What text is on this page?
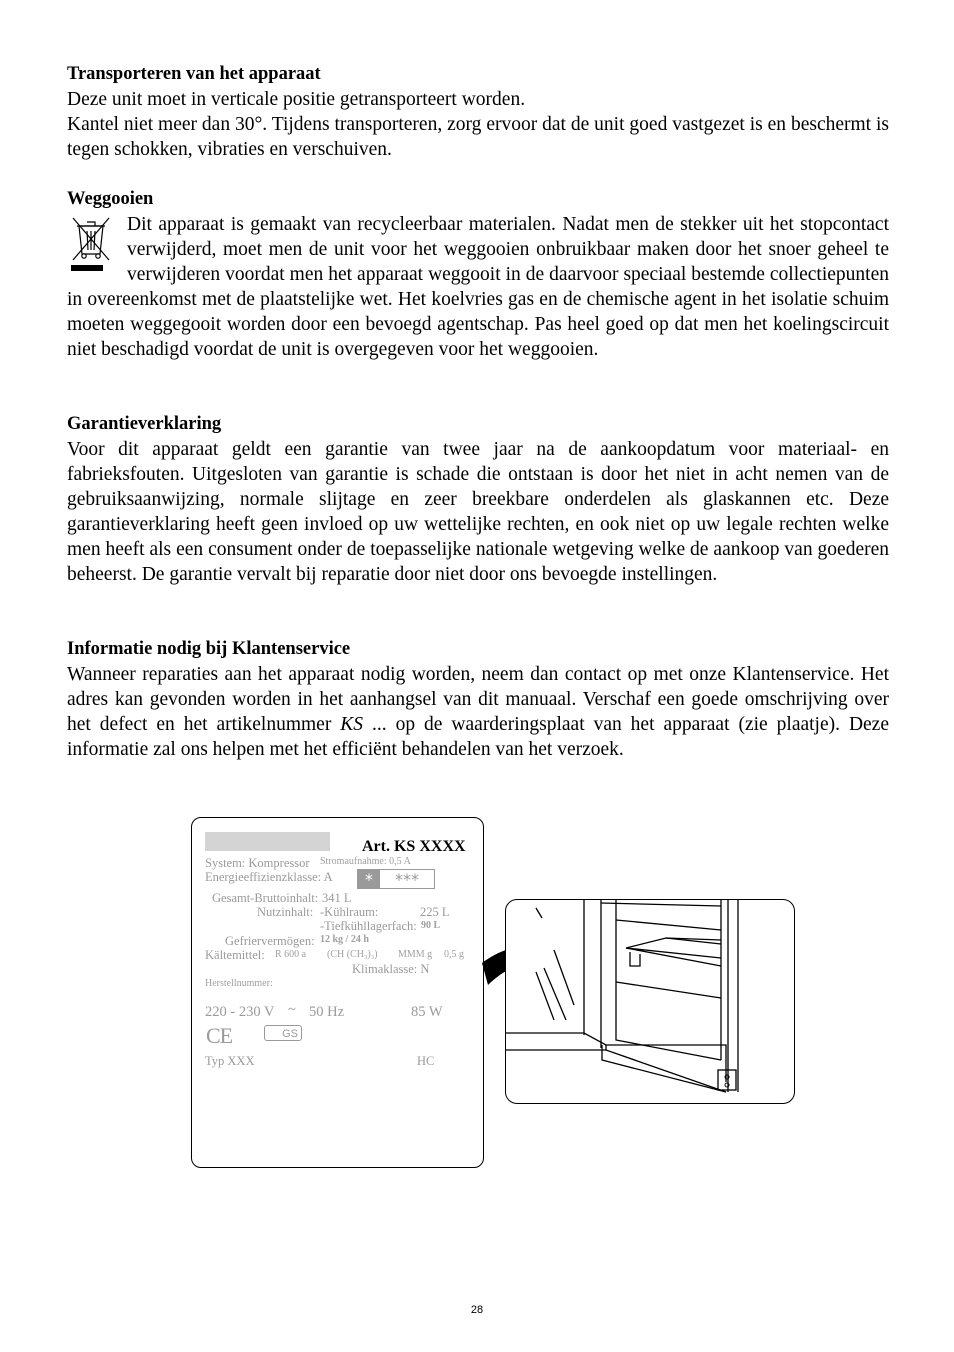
Transporteren van het apparaat

Deze unit moet in verticale positie getransporteert worden.

Kantel niet meer dan 30°. Tijdens transporteren, zorg ervoor dat de unit goed vastgezet is en beschermt is tegen schokken, vibraties en verschuiven.

Weggooien

Dit apparaat is gemaakt van recycleerbaar materialen. Nadat men de stekker uit het stopcontact verwijderd, moet men de unit voor het weggooien onbruikbaar maken door het snoer geheel te verwijderen voordat men het apparaat weggooit in de daarvoor speciaal bestemde collectiepunten in overeenkomst met de plaatstelijke wet. Het koelvries gas en de chemische agent in het isolatie schuim moeten weggegooit worden door een bevoegd agentschap. Pas heel goed op dat men het koelingscircuit niet beschadigd voordat de unit is overgegeven voor het weggooien.

Garantieverklaring

Voor dit apparaat geldt een garantie van twee jaar na de aankoopdatum voor materiaal- en fabrieksfouten. Uitgesloten van garantie is schade die ontstaan is door het niet in acht nemen van de gebruiksaanwijzing, normale slijtage en zeer breekbare onderdelen als glaskannen etc. Deze garantieverklaring heeft geen invloed op uw wettelijke rechten, en ook niet op uw legale rechten welke men heeft als een consument onder de toepasselijke nationale wetgeving welke de aankoop van goederen beheerst. De garantie vervalt bij reparatie door niet door ons bevoegde instellingen.

Informatie nodig bij Klantenservice

Wanneer reparaties aan het apparaat nodig worden, neem dan contact op met onze Klantenservice. Het adres kan gevonden worden in het aanhangsel van dit manuaal. Verschaf een goede omschrijving over het defect en het artikelnummer KS ... op de waarderingsplaat van het apparaat (zie plaatje). Deze informatie zal ons helpen met het efficiënt behandelen van het verzoek.

Art. KS XXXX
System: Kompressor Stromaufnahme: 0,5 A
Energieeffizienzklasse: A * ***
Gesamt-Bruttoinhalt: 341 L
Nutzinhalt: -Kühlraum:	225 L
-Tiefkühllagerfach: 90 L
Gefriervermögen: 12 kg / 24 h
Kältemittel: R 600 a (CH (CH₃)₃) MMM g 0,5 g
Klimaklasse: N
Herstellnummer:
220 - 230 V ~ 50 Hz	85 W
CE	GS
Typ XXX	HC
28
